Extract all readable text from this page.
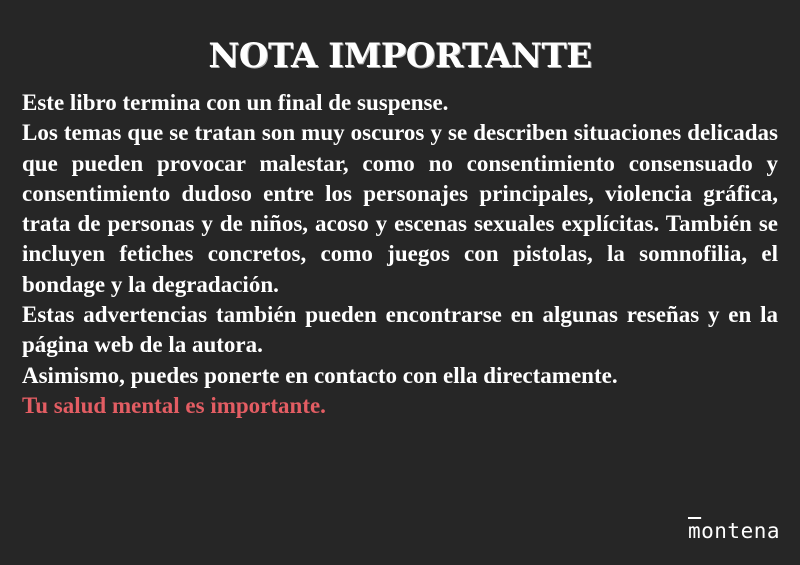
NOTA IMPORTANTE

Este libro termina con un final de suspense.

Los temas que se tratan son muy oscuros y se describen situaciones delicadas que pueden provocar malestar, como no consentimiento consensuado y consentimiento dudoso entre los personajes principales, violencia gráfica, trata de personas y de niños, acoso y escenas sexuales explícitas. También se incluyen fetiches concretos, como juegos con pistolas, la somnofilia, el bondage y la degradación.

Estas advertencias también pueden encontrarse en algunas reseñas y en la página web de la autora.

Asimismo, puedes ponerte en contacto con ella directamente.

Tu salud mental es importante.

$\overline{m}ontena$
